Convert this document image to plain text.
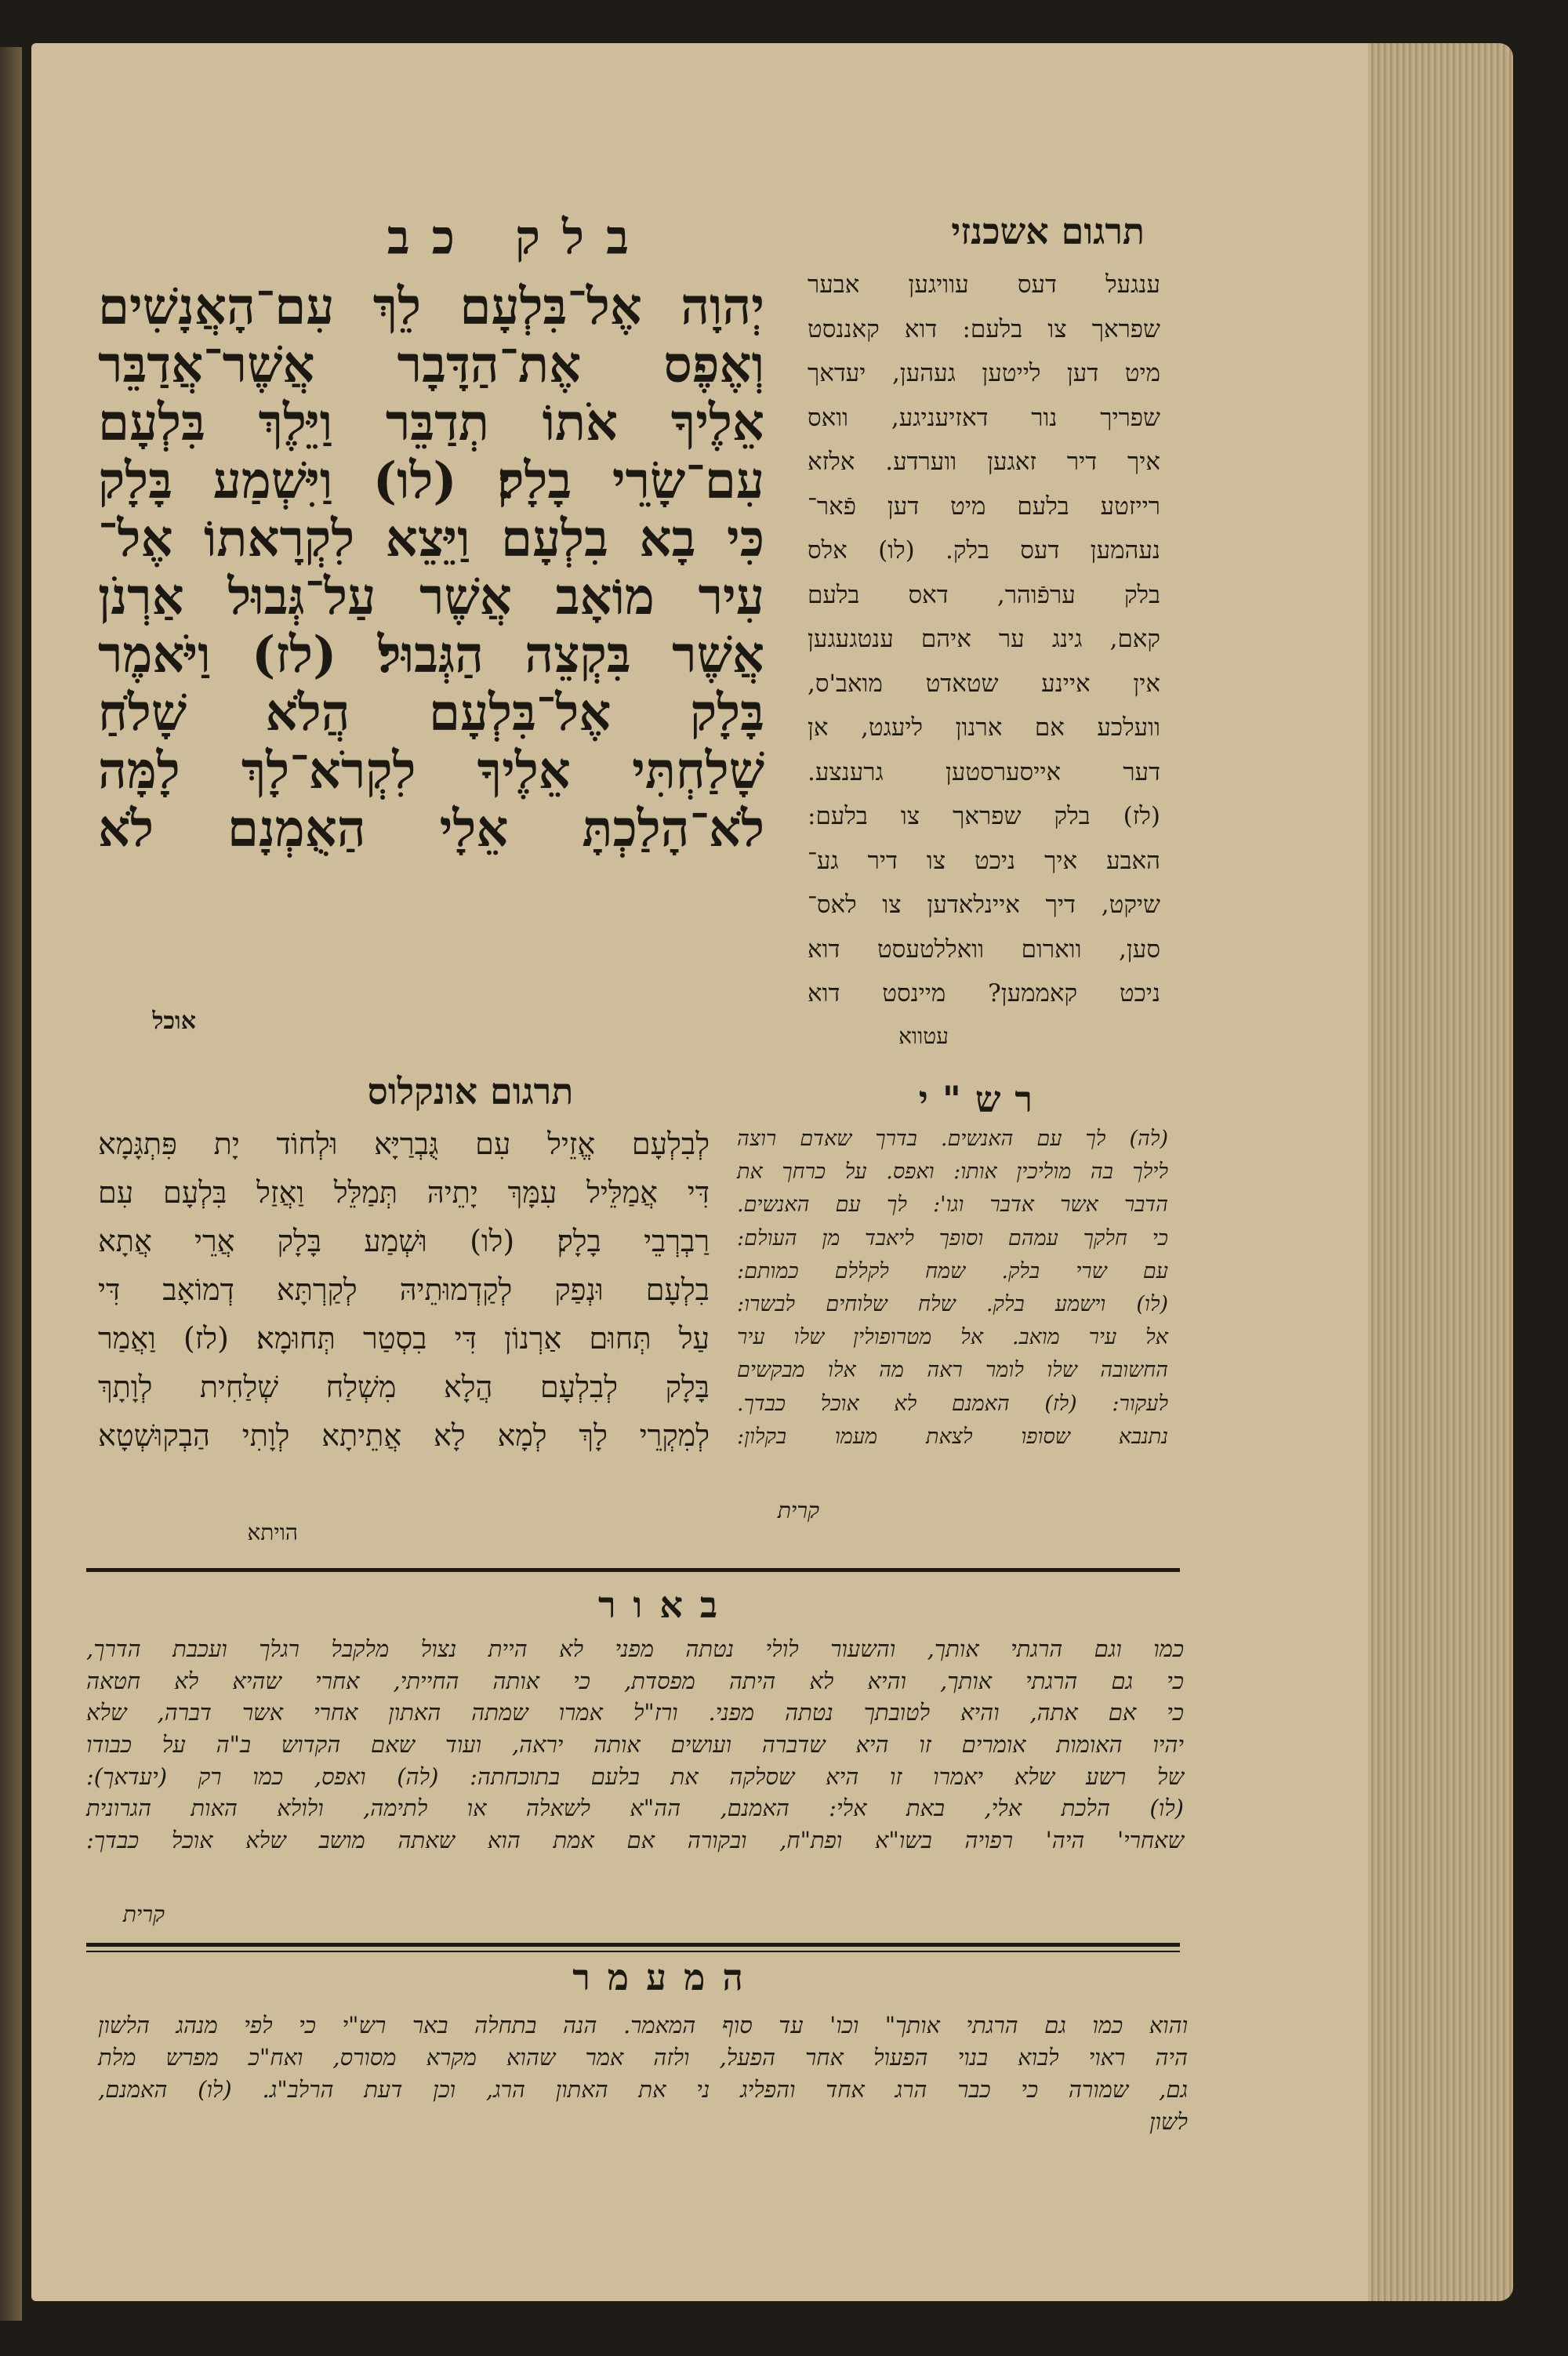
בלק כב	תרגום אשכנזי
יְהוָה אֶל־בִּלְעָם לֵךְ עִם־הָאֲנָשִׁים
וְאֶפֶס אֶת־הַדָּבָר אֲשֶׁר־אֲדַבֵּר
אֵלֶיךָ אֹתוֹ תְדַבֵּר וַיֵּלֶךְ בִּלְעָם
עִם־שָׂרֵי בָלָק׃ (לו) וַיִּשְׁמַע בָּלָק
כִּי בָא בִלְעָם וַיֵּצֵא לִקְרָאתוֹ אֶל־
עִיר מוֹאָב אֲשֶׁר עַל־גְּבוּל אַרְנֹן
אֲשֶׁר בִּקְצֵה הַגְּבוּל׃ (לז) וַיֹּאמֶר
בָּלָק אֶל־בִּלְעָם הֲלֹא שָׁלֹחַ
שָׁלַחְתִּי אֵלֶיךָ לִקְרֹא־לָךְ לָמָּה
לֹא־הָלַכְתָּ אֵלָי הַאֻמְנָם לֹא
אוכל
ענגעל דעס עוויגען אבער
שפראך צו בלעם: דוא קאננסט
מיט דען לייטען געהען, יעדאך
שפריך נור דאזיעניגע, וואס
איך דיר זאגען ווערדע. אלזא
רייזטע בלעם מיט דען פֿאר־
נעהמען דעס בלק. (לו) אלס
בלק ערפֿוהר, דאס בלעם
קאם, גינג ער איהם ענטגעגען
אין איינע שטאדט מואב'ס,
וועלכע אם ארנון ליעגט, אן
דער אייסערסטען גרענצע.
(לז) בלק שפראך צו בלעם:
האבע איך ניכט צו דיר גע־
שיקט, דיך איינלאדען צו לאס־
סען, ווארום וואללטעסט דוא
ניכט קאממען? מיינסט דוא
עטווא
תרגום אונקלוס
לְבִלְעָם אֱזֵיל עִם גֻּבְרַיָּא וּלְחוֹד יָת פִּתְגָּמָא
דִּי אֲמַלֵּיל עִמָּךְ יָתֵיהּ תְּמַלֵּל וַאֲזַל בִּלְעָם עִם
רַבְרְבֵי בָלָק׃ (לו) וּשְׁמַע בָּלָק אֲרֵי אֲתָא
בִלְעָם וּנְפַק לְקַדְמוּתֵיהּ לְקַרְתָּא דְמוֹאָב דִּי
עַל תְּחוּם אַרְנוֹן דִּי בִסְטַר תְּחוּמָא׃ (לז) וַאֲמַר
בָּלָק לְבִלְעָם הֲלָא מִשְׁלַח שְׁלַחִית לְוָתָךְ
לְמִקְרֵי לָךְ לְמָא לָא אֲתֵיתָא לְוָתִי הַבְקוּשְׁטָא
הויתא
רש"י
(לה) לך עם האנשים. בדרך שאדם רוצה
לילך בה מוליכין אותו: ואפס. על כרחך את
הדבר אשר אדבר וגו': לך עם האנשים.
כי חלקך עמהם וסופך ליאבד מן העולם:
עם שרי בלק. שמח לקללם כמותם:
(לו) וישמע בלק. שלח שלוחים לבשרו:
אל עיר מואב. אל מטרופולין שלו עיר
החשובה שלו לומר ראה מה אלו מבקשים
לעקור: (לז) האמנם לא אוכל כבדך.
נתנבא שסופו לצאת מעמו בקלון:
קרית
באור
כמו וגם הרגתי אותך, והשעור לולי נטתה מפני לא היית נצול מלקבל רגלך ועכבת הדרך,
כי גם הרגתי אותך, והיא לא היתה מפסדת, כי אותה החייתי, אחרי שהיא לא חטאה
כי אם אתה, והיא לטובתך נטתה מפני. ורז"ל אמרו שמתה האתון אחרי אשר דברה, שלא
יהיו האומות אומרים זו היא שדברה ועושים אותה יראה, ועוד שאם הקדוש ב"ה על כבודו
של רשע שלא יאמרו זו היא שסלקה את בלעם בתוכחתה: (לה) ואפס, כמו רק (יעדאך):
(לו) הלכת אלי, באת אלי: האמנם, הה"א לשאלה או לתימה, ולולא האות הגרונית
שאחרי' היה' רפויה בשו"א ופת"ח, ובקורה אם אמת הוא שאתה מושב שלא אוכל כבדך:
קרית
המעמר
והוא כמו גם הרגתי אותך" וכו' עד סוף המאמר. הנה בתחלה באר רש"י כי לפי מנהג הלשון
היה ראוי לבוא בנוי הפעול אחר הפעל, ולזה אמר שהוא מקרא מסורס, ואח"כ מפרש מלת
גם, שמורה כי כבר הרג אחד והפליג ני את האתון הרג, וכן דעת הרלב"ג. (לו) האמנם,
לשון
